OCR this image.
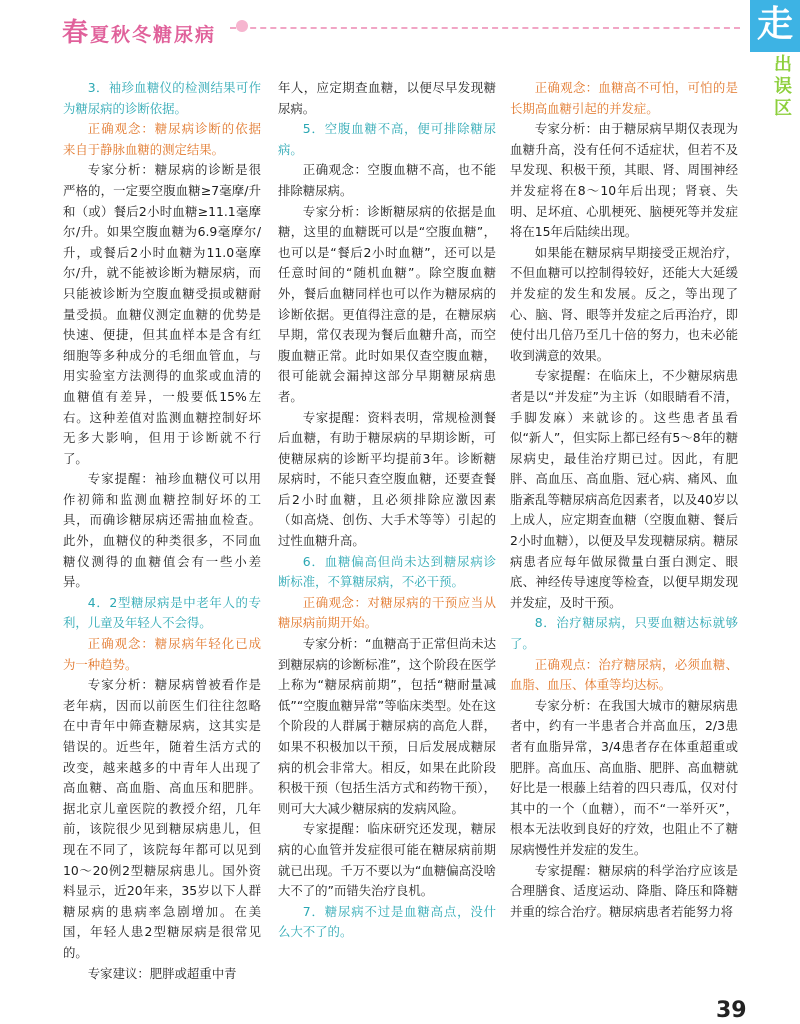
春夏秋冬糖尿病	走
出
误
区

3．袖珍血糖仪的检测结果可作为糖尿病的诊断依据。

正确观念：糖尿病诊断的依据来自于静脉血糖的测定结果。

专家分析：糖尿病的诊断是很严格的，一定要空腹血糖≥7毫摩/升和（或）餐后2小时血糖≥11.1毫摩尔/升。如果空腹血糖为6.9毫摩尔/升，或餐后2小时血糖为11.0毫摩尔/升，就不能被诊断为糖尿病，而只能被诊断为空腹血糖受损或糖耐量受损。血糖仪测定血糖的优势是快速、便捷，但其血样本是含有红细胞等多种成分的毛细血管血，与用实验室方法测得的血浆或血清的血糖值有差异，一般要低15%左右。这种差值对监测血糖控制好坏无多大影响，但用于诊断就不行了。

专家提醒：袖珍血糖仪可以用作初筛和监测血糖控制好坏的工具，而确诊糖尿病还需抽血检查。此外，血糖仪的种类很多，不同血糖仪测得的血糖值会有一些小差异。

4．2型糖尿病是中老年人的专利，儿童及年轻人不会得。

正确观念：糖尿病年轻化已成为一种趋势。

专家分析：糖尿病曾被看作是老年病，因而以前医生们往往忽略在中青年中筛查糖尿病，这其实是错误的。近些年，随着生活方式的改变，越来越多的中青年人出现了高血糖、高血脂、高血压和肥胖。据北京儿童医院的教授介绍，几年前，该院很少见到糖尿病患儿，但现在不同了，该院每年都可以见到10～20例2型糖尿病患儿。国外资料显示，近20年来，35岁以下人群糖尿病的患病率急剧增加。在美国，年轻人患2型糖尿病是很常见的。

专家建议：肥胖或超重中青

年人，应定期查血糖，以便尽早发现糖尿病。

5．空腹血糖不高，便可排除糖尿病。

正确观念：空腹血糖不高，也不能排除糖尿病。

专家分析：诊断糖尿病的依据是血糖，这里的血糖既可以是“空腹血糖”，也可以是“餐后2小时血糖”，还可以是任意时间的“随机血糖”。除空腹血糖外，餐后血糖同样也可以作为糖尿病的诊断依据。更值得注意的是，在糖尿病早期，常仅表现为餐后血糖升高，而空腹血糖正常。此时如果仅查空腹血糖，很可能就会漏掉这部分早期糖尿病患者。

专家提醒：资料表明，常规检测餐后血糖，有助于糖尿病的早期诊断，可使糖尿病的诊断平均提前3年。诊断糖尿病时，不能只查空腹血糖，还要查餐后2小时血糖，且必须排除应激因素（如高烧、创伤、大手术等等）引起的过性血糖升高。

6．血糖偏高但尚未达到糖尿病诊断标准，不算糖尿病，不必干预。

正确观念：对糖尿病的干预应当从糖尿病前期开始。

专家分析：“血糖高于正常但尚未达到糖尿病的诊断标准”，这个阶段在医学上称为“糖尿病前期”，包括“糖耐量减低”“空腹血糖异常”等临床类型。处在这个阶段的人群属于糖尿病的高危人群，如果不积极加以干预，日后发展成糖尿病的机会非常大。相反，如果在此阶段积极干预（包括生活方式和药物干预），则可大大减少糖尿病的发病风险。

专家提醒：临床研究还发现，糖尿病的心血管并发症很可能在糖尿病前期就已出现。千万不要以为“血糖偏高没啥大不了的”而错失治疗良机。

7．糖尿病不过是血糖高点，没什么大不了的。

正确观念：血糖高不可怕，可怕的是长期高血糖引起的并发症。

专家分析：由于糖尿病早期仅表现为血糖升高，没有任何不适症状，但若不及早发现、积极干预，其眼、肾、周围神经并发症将在8～10年后出现；肾衰、失明、足坏疽、心肌梗死、脑梗死等并发症将在15年后陆续出现。

如果能在糖尿病早期接受正规治疗，不但血糖可以控制得较好，还能大大延缓并发症的发生和发展。反之，等出现了心、脑、肾、眼等并发症之后再治疗，即使付出几倍乃至几十倍的努力，也未必能收到满意的效果。

专家提醒：在临床上，不少糖尿病患者是以“并发症”为主诉（如眼睛看不清，手脚发麻）来就诊的。这些患者虽看似“新人”，但实际上都已经有5～8年的糖尿病史，最佳治疗期已过。因此，有肥胖、高血压、高血脂、冠心病、痛风、血脂紊乱等糖尿病高危因素者，以及40岁以上成人，应定期查血糖（空腹血糖、餐后2小时血糖），以便及早发现糖尿病。糖尿病患者应每年做尿微量白蛋白测定、眼底、神经传导速度等检查，以便早期发现并发症，及时干预。

8．治疗糖尿病，只要血糖达标就够了。

正确观点：治疗糖尿病，必须血糖、血脂、血压、体重等均达标。

专家分析：在我国大城市的糖尿病患者中，约有一半患者合并高血压，2/3患者有血脂异常，3/4患者存在体重超重或肥胖。高血压、高血脂、肥胖、高血糖就好比是一根藤上结着的四只毒瓜，仅对付其中的一个（血糖），而不“一举歼灭”，根本无法收到良好的疗效，也阻止不了糖尿病慢性并发症的发生。

专家提醒：糖尿病的科学治疗应该是合理膳食、适度运动、降脂、降压和降糖并重的综合治疗。糖尿病患者若能努力将

39
